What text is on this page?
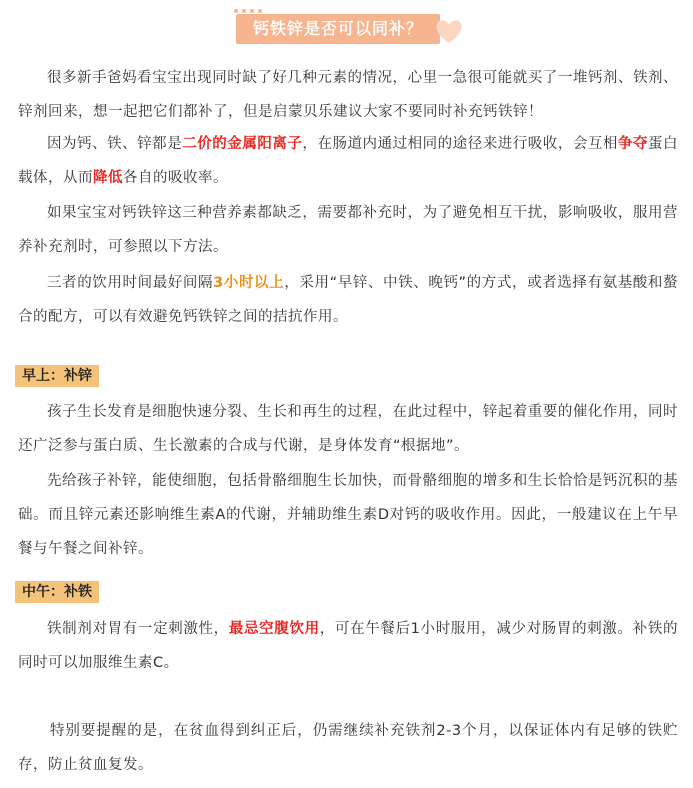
钙铁锌是否可以同补？

很多新手爸妈看宝宝出现同时缺了好几种元素的情况，心里一急很可能就买了一堆钙剂、铁剂、锌剂回来，想一起把它们都补了，但是启蒙贝乐建议大家不要同时补充钙铁锌！

因为钙、铁、锌都是二价的金属阳离子，在肠道内通过相同的途径来进行吸收，会互相争夺蛋白载体，从而降低各自的吸收率。

如果宝宝对钙铁锌这三种营养素都缺乏，需要都补充时，为了避免相互干扰，影响吸收，服用营养补充剂时，可参照以下方法。

三者的饮用时间最好间隔3小时以上，采用“早锌、中铁、晚钙”的方式，或者选择有氨基酸和螯合的配方，可以有效避免钙铁锌之间的拮抗作用。

早上：补锌

孩子生长发育是细胞快速分裂、生长和再生的过程，在此过程中，锌起着重要的催化作用，同时还广泛参与蛋白质、生长激素的合成与代谢，是身体发育“根据地”。

先给孩子补锌，能使细胞，包括骨骼细胞生长加快，而骨骼细胞的增多和生长恰恰是钙沉积的基础。而且锌元素还影响维生素A的代谢，并辅助维生素D对钙的吸收作用。因此，一般建议在上午早餐与午餐之间补锌。

中午：补铁

铁制剂对胃有一定刺激性，最忌空腹饮用，可在午餐后1小时服用，减少对肠胃的刺激。补铁的同时可以加服维生素C。

特别要提醒的是，在贫血得到纠正后，仍需继续补充铁剂2-3个月，以保证体内有足够的铁贮存，防止贫血复发。
